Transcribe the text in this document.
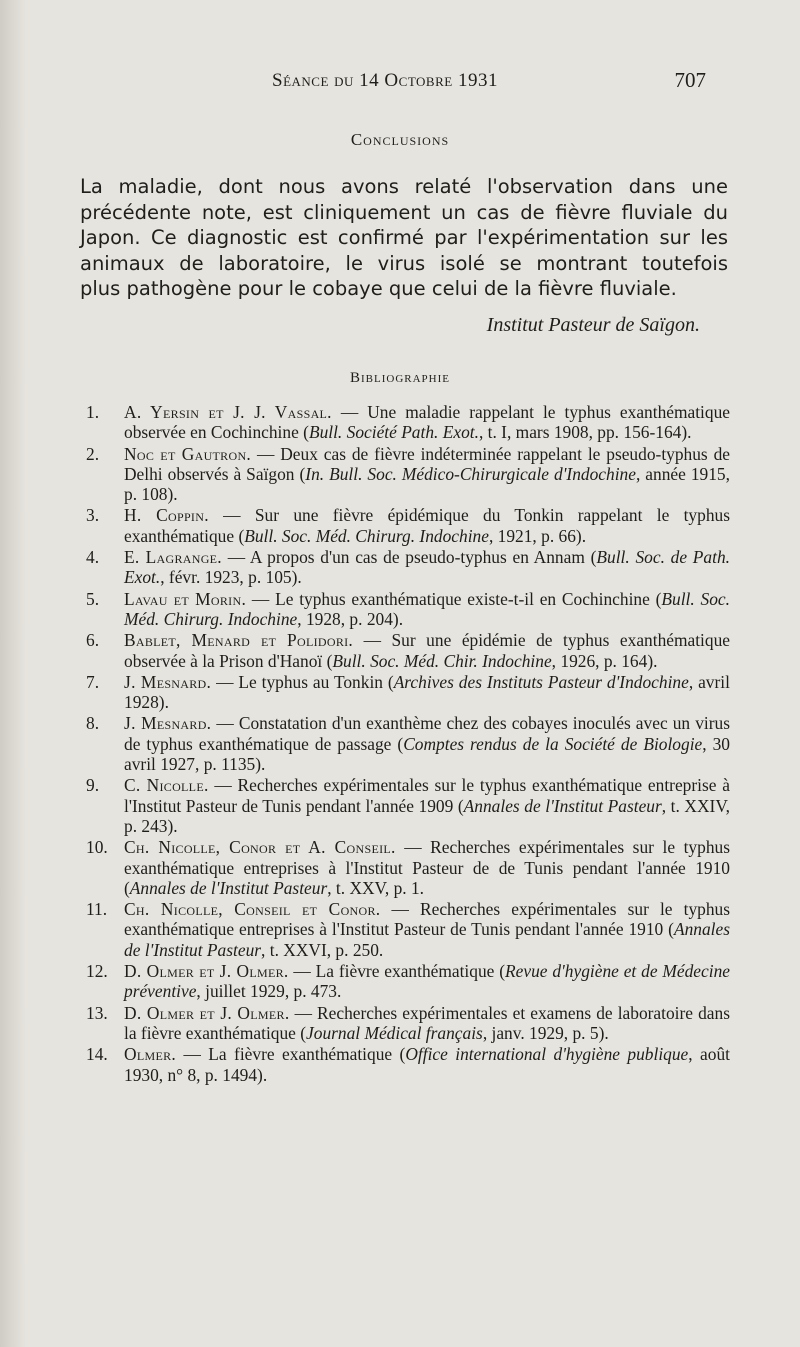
Séance du 14 Octobre 1931	707
Conclusions
La maladie, dont nous avons relaté l'observation dans une
précédente note, est cliniquement un cas de fièvre fluviale du
Japon. Ce diagnostic est confirmé par l'expérimentation sur les
animaux de laboratoire, le virus isolé se montrant toutefois
plus pathogène pour le cobaye que celui de la fièvre fluviale.
Institut Pasteur de Saïgon.
Bibliographie
1.	A. Yersin et J. J. Vassal. — Une maladie rappelant le typhus exanthématique observée en Cochinchine (Bull. Société Path. Exot., t. I, mars 1908, pp. 156-164).
2.	Noc et Gautron. — Deux cas de fièvre indéterminée rappelant le pseudo-typhus de Delhi observés à Saïgon (In. Bull. Soc. Médico-Chirurgicale d'Indochine, année 1915, p. 108).
3.	H. Coppin. — Sur une fièvre épidémique du Tonkin rappelant le typhus exanthématique (Bull. Soc. Méd. Chirurg. Indochine, 1921, p. 66).
4.	E. Lagrange. — A propos d'un cas de pseudo-typhus en Annam (Bull. Soc. de Path. Exot., févr. 1923, p. 105).
5.	Lavau et Morin. — Le typhus exanthématique existe-t-il en Cochinchine (Bull. Soc. Méd. Chirurg. Indochine, 1928, p. 204).
6.	Bablet, Menard et Polidori. — Sur une épidémie de typhus exanthématique observée à la Prison d'Hanoï (Bull. Soc. Méd. Chir. Indochine, 1926, p. 164).
7.	J. Mesnard. — Le typhus au Tonkin (Archives des Instituts Pasteur d'Indochine, avril 1928).
8.	J. Mesnard. — Constatation d'un exanthème chez des cobayes inoculés avec un virus de typhus exanthématique de passage (Comptes rendus de la Société de Biologie, 30 avril 1927, p. 1135).
9.	C. Nicolle. — Recherches expérimentales sur le typhus exanthématique entreprise à l'Institut Pasteur de Tunis pendant l'année 1909 (Annales de l'Institut Pasteur, t. XXIV, p. 243).
10. Ch. Nicolle, Conor et A. Conseil. — Recherches expérimentales sur le typhus exanthématique entreprises à l'Institut Pasteur de de Tunis pendant l'année 1910 (Annales de l'Institut Pasteur, t. XXV, p. 1.
11. Ch. Nicolle, Conseil et Conor. — Recherches expérimentales sur le typhus exanthématique entreprises à l'Institut Pasteur de Tunis pendant l'année 1910 (Annales de l'Institut Pasteur, t. XXVI, p. 250.
12. D. Olmer et J. Olmer. — La fièvre exanthématique (Revue d'hygiène et de Médecine préventive, juillet 1929, p. 473.
13. D. Olmer et J. Olmer. — Recherches expérimentales et examens de laboratoire dans la fièvre exanthématique (Journal Médical français, janv. 1929, p. 5).
14. Olmer. — La fièvre exanthématique (Office international d'hygiène publique, août 1930, n° 8, p. 1494).
